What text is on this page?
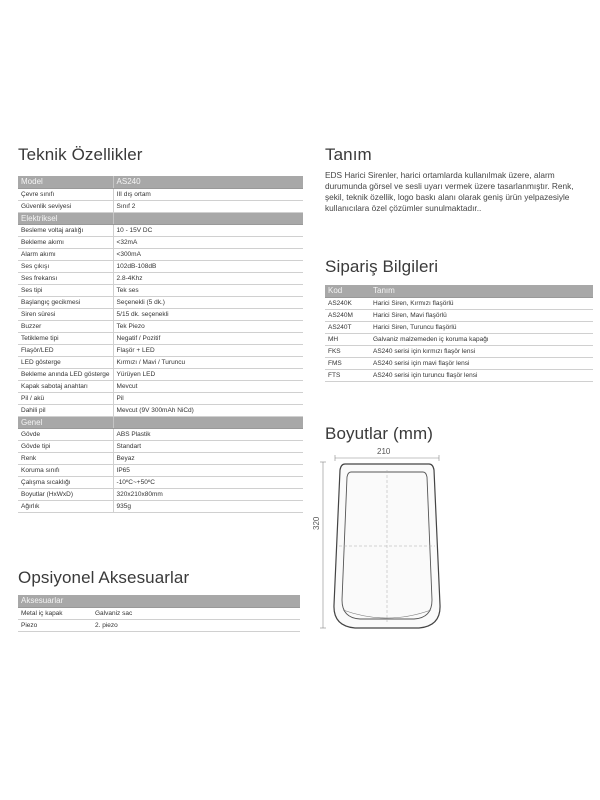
Teknik Özellikler
Model	AS240
Çevre sınıfı	III dış ortam
Güvenlik seviyesi	Sınıf 2
Elektriksel	
Besleme voltaj aralığı	10 - 15V DC
Bekleme akımı	<32mA
Alarm akımı	<300mA
Ses çıkışı	102dB-108dB
Ses frekansı	2.8-4Khz
Ses tipi	Tek ses
Başlangıç gecikmesi	Seçenekli (5 dk.)
Siren süresi	5/15 dk. seçenekli
Buzzer	Tek Piezo
Tetikleme tipi	Negatif / Pozitif
Flaşör/LED	Flaşör + LED
LED gösterge	Kırmızı / Mavi / Turuncu
Bekleme anında LED gösterge	Yürüyen LED
Kapak sabotaj anahtarı	Mevcut
Pil / akü	Pil
Dahili pil	Mevcut (9V 300mAh NiCd)
Genel	
Gövde	ABS Plastik
Gövde tipi	Standart
Renk	Beyaz
Koruma sınıfı	IP65
Çalışma sıcaklığı	-10ºC~+50ºC
Boyutlar (HxWxD)	320x210x80mm
Ağırlık	935g
Opsiyonel Aksesuarlar
Aksesuarlar	
Metal iç kapak	Galvaniz sac
Piezo	2. piezo
Tanım
EDS Harici Sirenler, harici ortamlarda kullanılmak üzere, alarm durumunda görsel ve sesli uyarı vermek üzere tasarlanmıştır. Renk, şekil, teknik özellik, logo baskı alanı olarak geniş ürün yelpazesiyle kullanıcılara özel çözümler sunulmaktadır..
Sipariş Bilgileri
Kod	Tanım
AS240K	Harici Siren, Kırmızı flaşörlü
AS240M	Harici Siren, Mavi flaşörlü
AS240T	Harici Siren, Turuncu flaşörlü
MH	Galvaniz malzemeden iç koruma kapağı
FKS	AS240 serisi için kırmızı flaşör lensi
FMS	AS240 serisi için mavi flaşör lensi
FTS	AS240 serisi için turuncu flaşör lensi
Boyutlar (mm)
210
320
